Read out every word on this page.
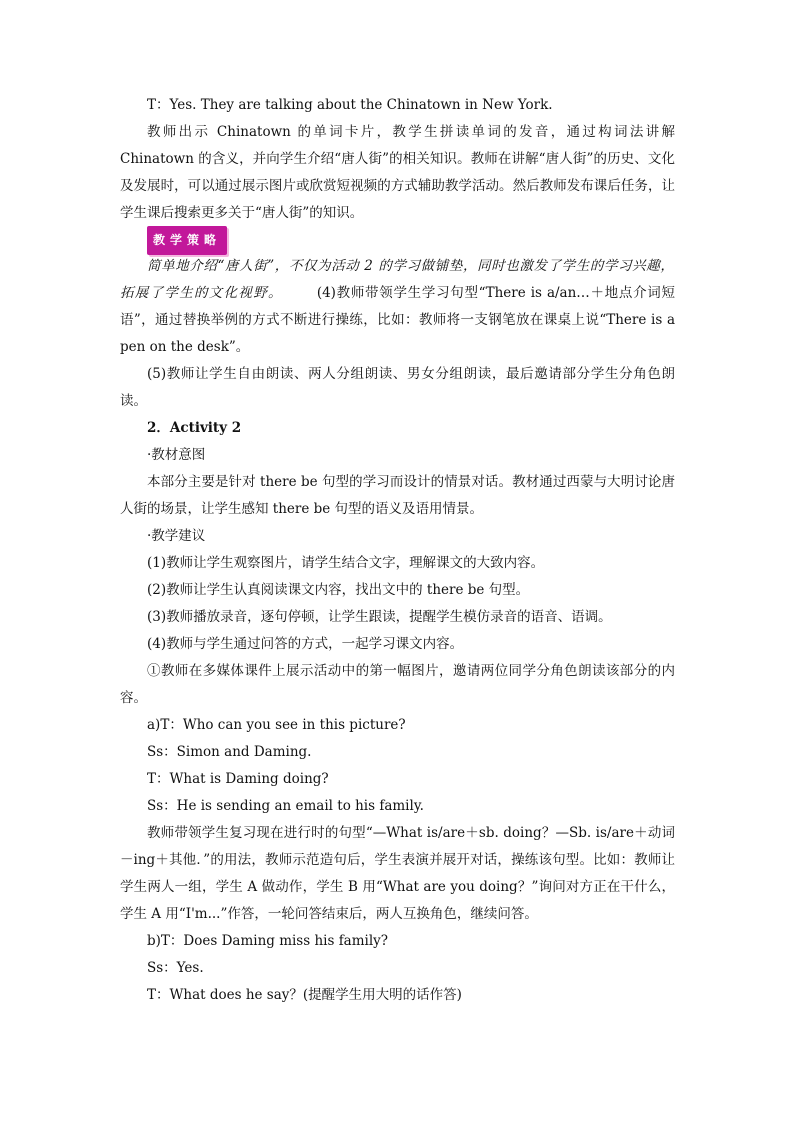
T：Yes. They are talking about the Chinatown in New York.

教师出示 Chinatown 的单词卡片，教学生拼读单词的发音，通过构词法讲解 Chinatown 的含义，并向学生介绍“唐人街”的相关知识。教师在讲解“唐人街”的历史、文化及发展时，可以通过展示图片或欣赏短视频的方式辅助教学活动。然后教师发布课后任务，让学生课后搜索更多关于“唐人街”的知识。

教学策略

简单地介绍“唐人街”，不仅为活动 2 的学习做铺垫，同时也激发了学生的学习兴趣，

拓展了学生的文化视野。	(4)教师带领学生学习句型“There is a/an…＋地点介词短语”，通过替换举例的方式不断进行操练，比如：教师将一支钢笔放在课桌上说“There is a pen on the desk”。

(5)教师让学生自由朗读、两人分组朗读、男女分组朗读，最后邀请部分学生分角色朗读。

2．Activity 2

·教材意图

本部分主要是针对 there be 句型的学习而设计的情景对话。教材通过西蒙与大明讨论唐人街的场景，让学生感知 there be 句型的语义及语用情景。

·教学建议

(1)教师让学生观察图片，请学生结合文字，理解课文的大致内容。

(2)教师让学生认真阅读课文内容，找出文中的 there be 句型。

(3)教师播放录音，逐句停顿，让学生跟读，提醒学生模仿录音的语音、语调。

(4)教师与学生通过问答的方式，一起学习课文内容。

①教师在多媒体课件上展示活动中的第一幅图片，邀请两位同学分角色朗读该部分的内容。

a)T：Who can you see in this picture?

Ss：Simon and Daming.

T：What is Daming doing?

Ss：He is sending an email to his family.

教师带领学生复习现在进行时的句型“—What is/are＋sb. doing？—Sb. is/are＋动词－ing＋其他．”的用法，教师示范造句后，学生表演并展开对话，操练该句型。比如：教师让学生两人一组，学生 A 做动作，学生 B 用“What are you doing？”询问对方正在干什么，学生 A 用“I'm...”作答，一轮问答结束后，两人互换角色，继续问答。

b)T：Does Daming miss his family?

Ss：Yes.

T：What does he say？(提醒学生用大明的话作答)
